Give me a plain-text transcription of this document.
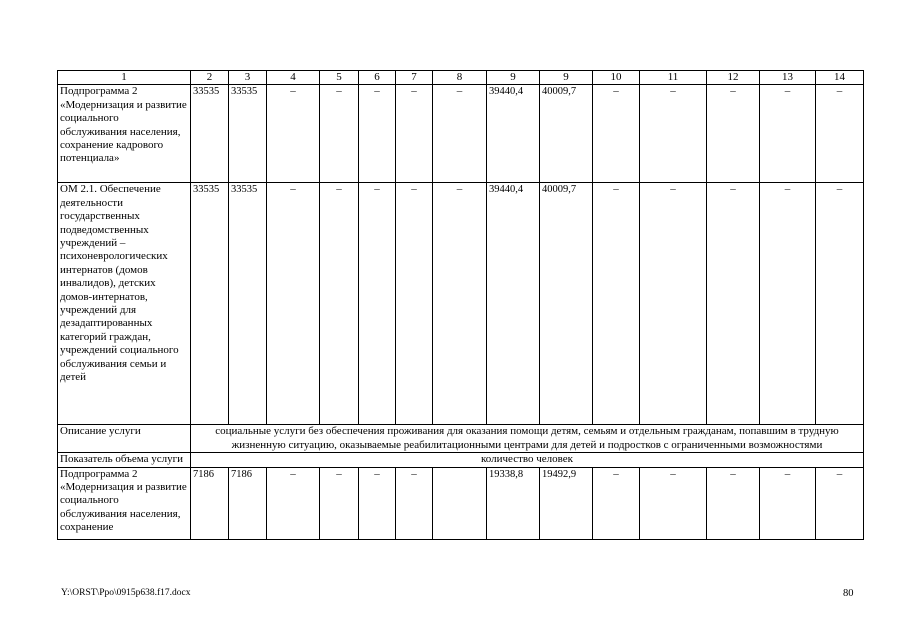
1	2	3	4	5	6	7	8	9	9	10	11	12	13	14
Подпрограмма 2 «Модернизация и развитие социального обслуживания населения, сохранение кадрового потенциала»	33535	33535	–	–	–	–	–	39440,4	40009,7	–	–	–	–	–
ОМ 2.1. Обеспечение деятельности государственных подведомственных учреждений – психоневрологических интернатов (домов инвалидов), детских домов-интернатов, учреждений для дезадаптированных категорий граждан, учреждений социального обслуживания семьи и детей	33535	33535	–	–	–	–	–	39440,4	40009,7	–	–	–	–	–
Описание услуги	социальные услуги без обеспечения проживания для оказания помощи детям, семьям и отдельным гражданам, попавшим в трудную жизненную ситуацию, оказываемые реабилитационными центрами для детей и подростков с ограниченными возможностями													
Показатель объема услуги	количество человек													
Подпрограмма 2 «Модернизация и развитие социального обслуживания населения, сохранение	7186	7186	–	–	–	–		19338,8	19492,9	–	–	–	–	–
Y:\ORST\Ppo\0915p638.f17.docx	80
